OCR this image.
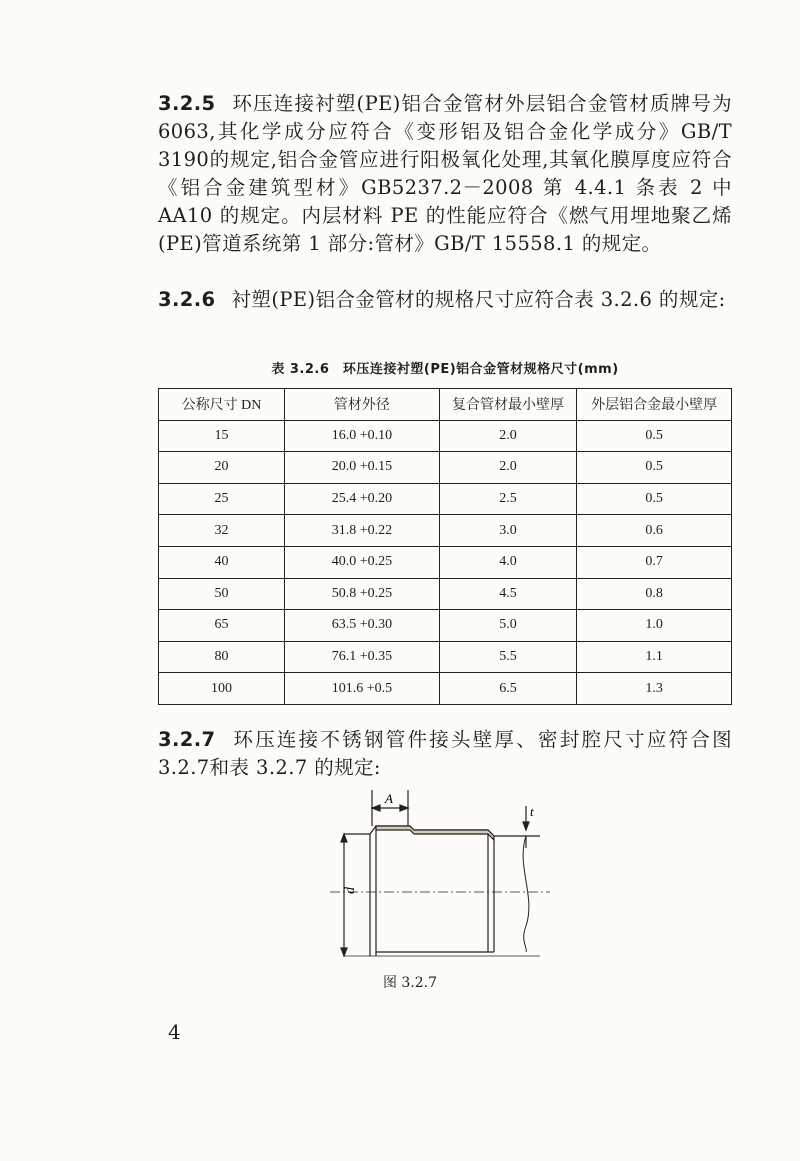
3.2.5 环压连接衬塑(PE)铝合金管材外层铝合金管材质牌号为6063,其化学成分应符合《变形铝及铝合金化学成分》GB/T 3190的规定,铝合金管应进行阳极氧化处理,其氧化膜厚度应符合《铝合金建筑型材》GB5237.2－2008 第 4.4.1 条表 2 中 AA10 的规定。内层材料 PE 的性能应符合《燃气用埋地聚乙烯(PE)管道系统第 1 部分:管材》GB/T 15558.1 的规定。

3.2.6 衬塑(PE)铝合金管材的规格尺寸应符合表 3.2.6 的规定:

表 3.2.6　环压连接衬塑(PE)铝合金管材规格尺寸(mm)
公称尺寸 DN	管材外径	复合管材最小壁厚	外层铝合金最小壁厚
15	16.0 +0.10	2.0	0.5
20	20.0 +0.15	2.0	0.5
25	25.4 +0.20	2.5	0.5
32	31.8 +0.22	3.0	0.6
40	40.0 +0.25	4.0	0.7
50	50.8 +0.25	4.5	0.8
65	63.5 +0.30	5.0	1.0
80	76.1 +0.35	5.5	1.1
100	101.6 +0.5	6.5	1.3

3.2.7 环压连接不锈钢管件接头壁厚、密封腔尺寸应符合图3.2.7和表 3.2.7 的规定:

A
d
t
图 3.2.7
4
